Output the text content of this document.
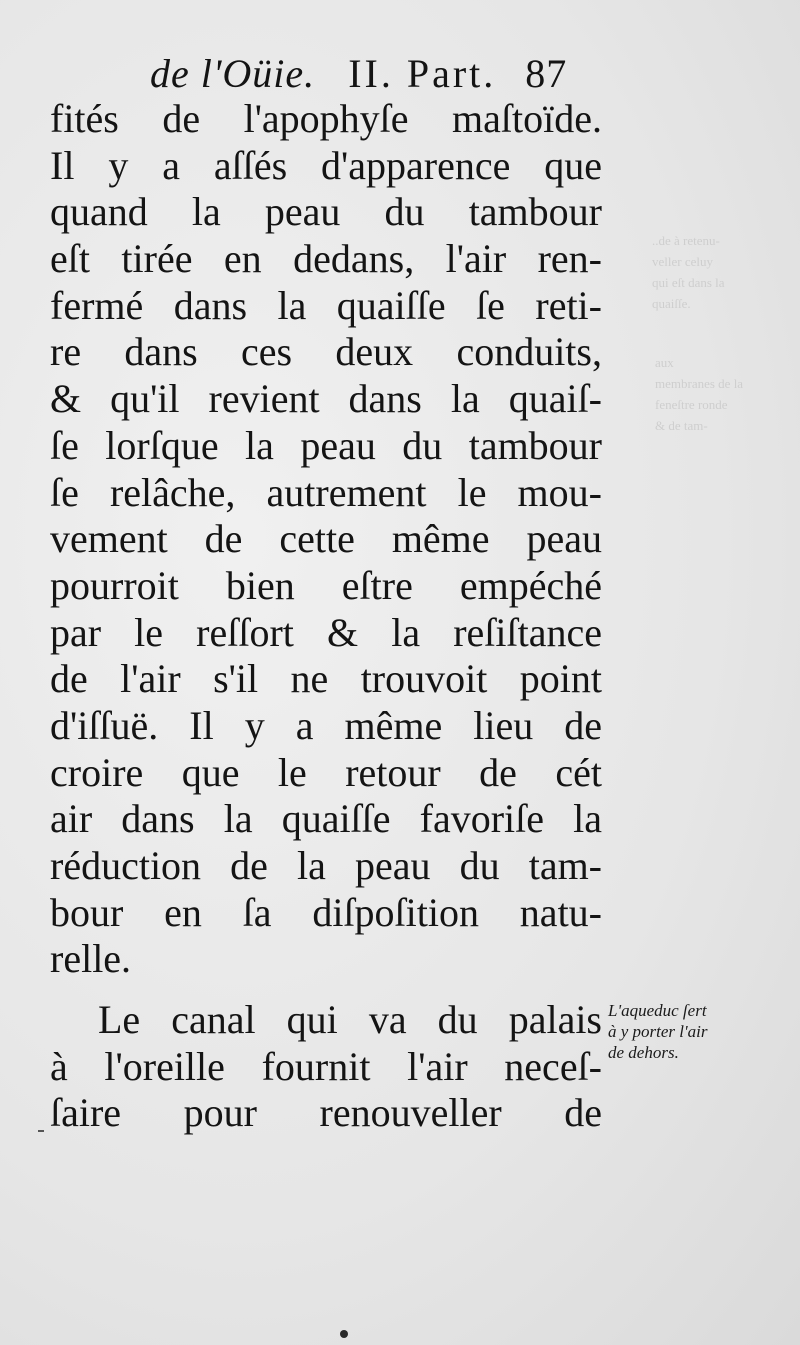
..de à retenu-
veller celuy
qui eſt dans la
quaiſſe.
aux
membranes de la
feneſtre ronde
& de tam-
de l'Oüie. II. Part. 87
fités de l'apophyſe maſtoïde.
Il y a aſſés d'apparence que
quand la peau du tambour
eſt tirée en dedans, l'air ren-
fermé dans la quaiſſe ſe reti-
re dans ces deux conduits,
& qu'il revient dans la quaiſ-
ſe lorſque la peau du tambour
ſe relâche, autrement le mou-
vement de cette même peau
pourroit bien eſtre empéché
par le reſſort & la reſiſtance
de l'air s'il ne trouvoit point
d'iſſuë. Il y a même lieu de
croire que le retour de cét
air dans la quaiſſe favoriſe la
réduction de la peau du tam-
bour en ſa diſpoſition natu-
relle.
Le canal qui va du palais
à l'oreille fournit l'air neceſ-
ſaire pour renouveller de
L'aqueduc ſert
à y porter l'air
de dehors.
